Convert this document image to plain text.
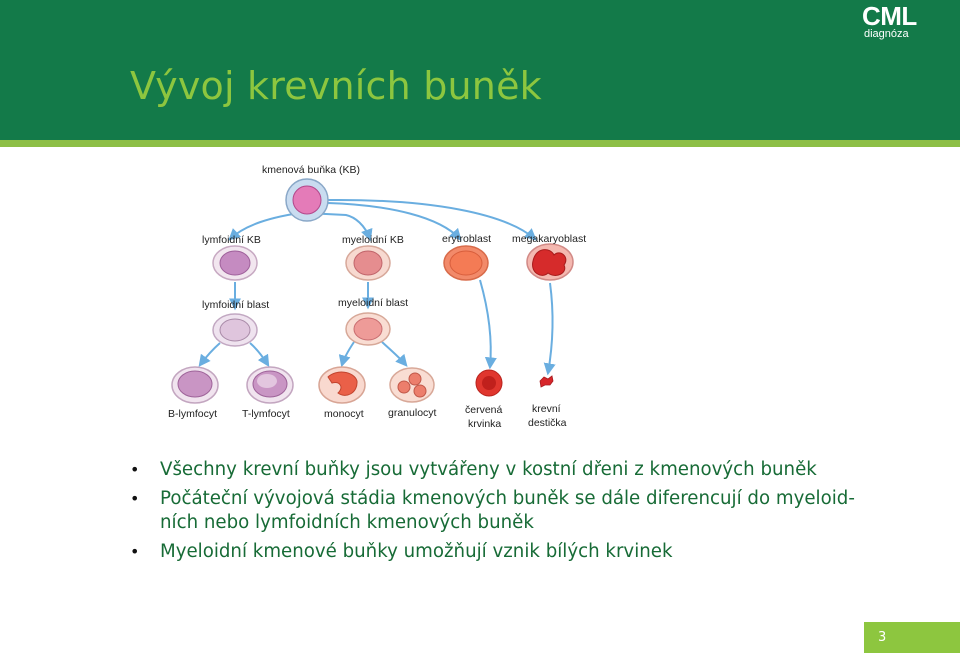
Vývoj krevních buněk
CML
diagnóza
kmenová buňka (KB)
lymfoidní KB	myeloidní KB	erytroblast megakaryoblast
lymfoidní blast	myeloidní blast
B-lymfocyt T-lymfocyt	monocyt granulocyt	červená
krvinka
krevní
destička
• Všechny krevní buňky jsou vytvářeny v kostní dřeni z kmenových buněk
• Počáteční vývojová stádia kmenových buněk se dále diferencují do myeloid-
ních nebo lymfoidních kmenových buněk
• Myeloidní kmenové buňky umožňují vznik bílých krvinek
3
